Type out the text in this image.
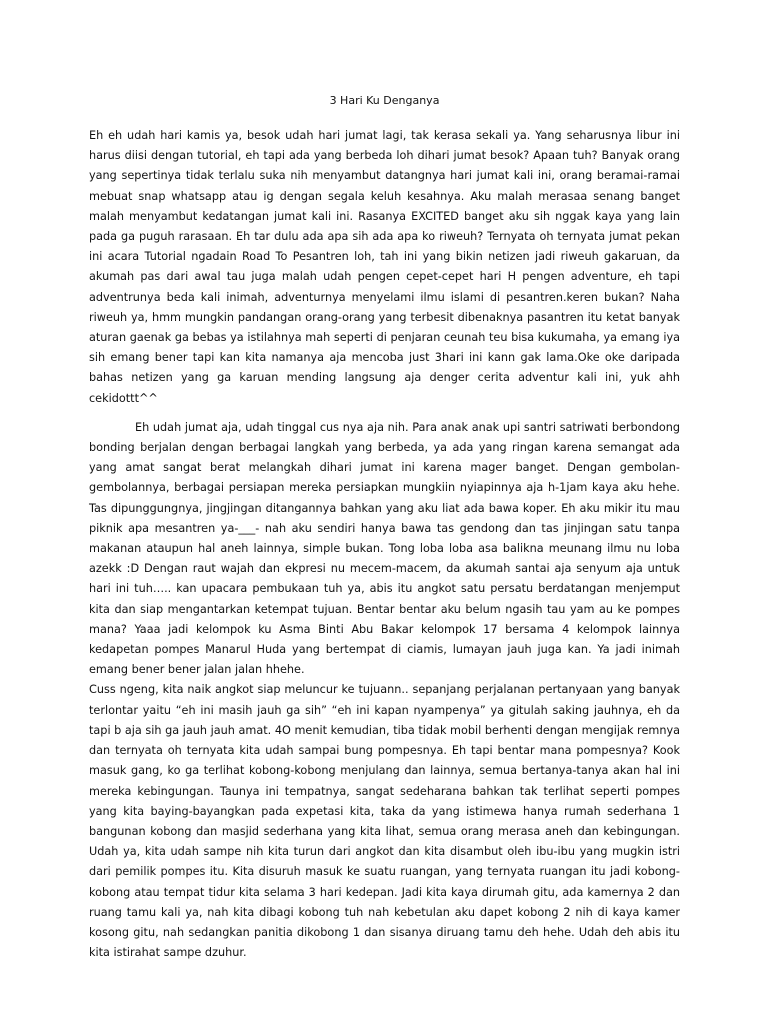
3 Hari Ku Denganya

Eh eh udah hari kamis ya, besok udah hari jumat lagi, tak kerasa sekali ya. Yang seharusnya libur ini harus diisi dengan tutorial, eh tapi ada yang berbeda loh dihari jumat besok? Apaan tuh? Banyak orang yang sepertinya tidak terlalu suka nih menyambut datangnya hari jumat kali ini, orang beramai-ramai mebuat snap whatsapp atau ig dengan segala keluh kesahnya. Aku malah merasaa senang banget malah menyambut kedatangan jumat kali ini. Rasanya EXCITED banget aku sih nggak kaya yang lain pada ga puguh rarasaan. Eh tar dulu ada apa sih ada apa ko riweuh? Ternyata oh ternyata jumat pekan ini acara Tutorial ngadain Road To Pesantren loh, tah ini yang bikin netizen jadi riweuh gakaruan, da akumah pas dari awal tau juga malah udah pengen cepet-cepet hari H pengen adventure, eh tapi adventrunya beda kali inimah, adventurnya menyelami ilmu islami di pesantren.keren bukan? Naha riweuh ya, hmm mungkin pandangan orang-orang yang terbesit dibenaknya pasantren itu ketat banyak aturan gaenak ga bebas ya istilahnya mah seperti di penjaran ceunah teu bisa kukumaha, ya emang iya sih emang bener tapi kan kita namanya aja mencoba just 3hari ini kann gak lama.Oke oke daripada bahas netizen yang ga karuan mending langsung aja denger cerita adventur kali ini, yuk ahh cekidottt^^

Eh udah jumat aja, udah tinggal cus nya aja nih. Para anak anak upi santri satriwati berbondong bonding berjalan dengan berbagai langkah yang berbeda, ya ada yang ringan karena semangat ada yang amat sangat berat melangkah dihari jumat ini karena mager banget. Dengan gembolan-gembolannya, berbagai persiapan mereka persiapkan mungkiin nyiapinnya aja h-1jam kaya aku hehe. Tas dipunggungnya, jingjingan ditangannya bahkan yang aku liat ada bawa koper. Eh aku mikir itu mau piknik apa mesantren ya-___- nah aku sendiri hanya bawa tas gendong dan tas jinjingan satu tanpa makanan ataupun hal aneh lainnya, simple bukan. Tong loba loba asa balikna meunang ilmu nu loba azekk :D Dengan raut wajah dan ekpresi nu mecem-macem, da akumah santai aja senyum aja untuk hari ini tuh….. kan upacara pembukaan tuh ya, abis itu angkot satu persatu berdatangan menjemput kita dan siap mengantarkan ketempat tujuan. Bentar bentar aku belum ngasih tau yam au ke pompes mana? Yaaa jadi kelompok ku Asma Binti Abu Bakar kelompok 17 bersama 4 kelompok lainnya kedapetan pompes Manarul Huda yang bertempat di ciamis, lumayan jauh juga kan. Ya jadi inimah emang bener bener jalan jalan hhehe.

Cuss ngeng, kita naik angkot siap meluncur ke tujuann.. sepanjang perjalanan pertanyaan yang banyak terlontar yaitu “eh ini masih jauh ga sih” “eh ini kapan nyampenya” ya gitulah saking jauhnya, eh da tapi b aja sih ga jauh jauh amat. 4O menit kemudian, tiba tidak mobil berhenti dengan mengijak remnya dan ternyata oh ternyata kita udah sampai bung pompesnya. Eh tapi bentar mana pompesnya? Kook masuk gang, ko ga terlihat kobong-kobong menjulang dan lainnya, semua bertanya-tanya akan hal ini mereka kebingungan. Taunya ini tempatnya, sangat sedeharana bahkan tak terlihat seperti pompes yang kita baying-bayangkan pada expetasi kita, taka da yang istimewa hanya rumah sederhana 1 bangunan kobong dan masjid sederhana yang kita lihat, semua orang merasa aneh dan kebingungan. Udah ya, kita udah sampe nih kita turun dari angkot dan kita disambut oleh ibu-ibu yang mugkin istri dari pemilik pompes itu. Kita disuruh masuk ke suatu ruangan, yang ternyata ruangan itu jadi kobong-kobong atau tempat tidur kita selama 3 hari kedepan. Jadi kita kaya dirumah gitu, ada kamernya 2 dan ruang tamu kali ya, nah kita dibagi kobong tuh nah kebetulan aku dapet kobong 2 nih di kaya kamer kosong gitu, nah sedangkan panitia dikobong 1 dan sisanya diruang tamu deh hehe. Udah deh abis itu kita istirahat sampe dzuhur.
